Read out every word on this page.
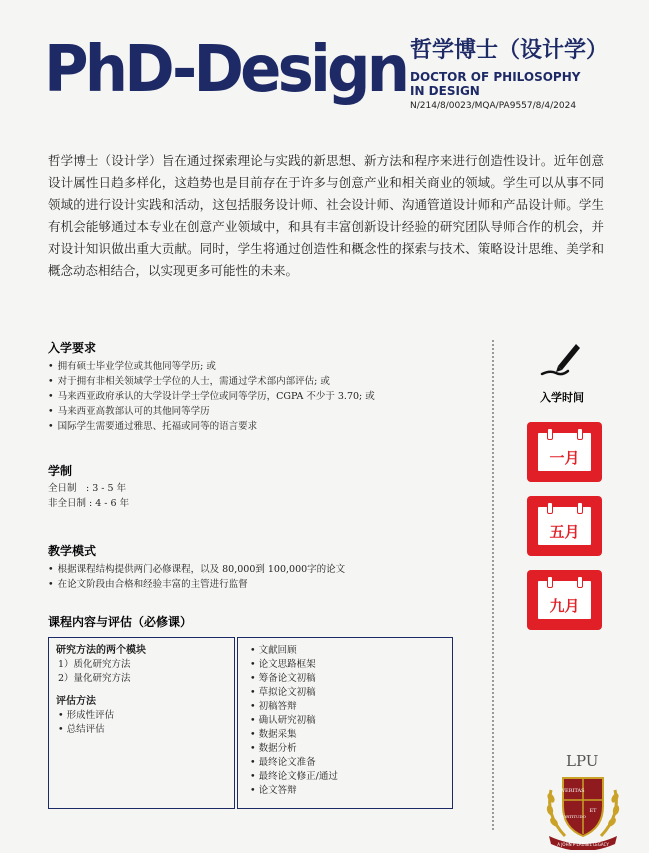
PhD-Design 哲学博士（设计学）
DOCTOR OF PHILOSOPHY
IN DESIGN
N/214/8/0023/MQA/PA9557/8/4/2024
哲学博士（设计学）旨在通过探索理论与实践的新思想、新方法和程序来进行创造性设计。近年创意设计属性日趋多样化，这趋势也是目前存在于许多与创意产业和相关商业的领域。学生可以从事不同领域的进行设计实践和活动，这包括服务设计师、社会设计师、沟通管道设计师和产品设计师。学生有机会能够通过本专业在创意产业领域中，和具有丰富创新设计经验的研究团队导师合作的机会，并对设计知识做出重大贡献。同时，学生将通过创造性和概念性的探索与技术、策略设计思维、美学和概念动态相结合，以实现更多可能性的未来。
入学要求
• 拥有硕士毕业学位或其他同等学历; 或
• 对于拥有非相关领域学士学位的人士，需通过学术部内部评估; 或
• 马来西亚政府承认的大学设计学士学位或同等学历，CGPA 不少于 3.70; 或
• 马来西亚高教部认可的其他同等学历
• 国际学生需要通过雅思、托福或同等的语言要求
学制
全日制　: 3 - 5 年
非全日制 : 4 - 6 年
教学模式
• 根据课程结构提供两门必修课程，以及 80,000到 100,000字的论文
• 在论文阶段由合格和经验丰富的主管进行监督
课程内容与评估（必修课）
研究方法的两个模块
1）质化研究方法
2）量化研究方法
评估方法
• 形成性评估
• 总结评估
• 文献回顾
• 论文思路框架
• 筹备论文初稿
• 草拟论文初稿
• 初稿答辩
• 确认研究初稿
• 数据采集
• 数据分析
• 最终论文准备
• 最终论文修正/通过
• 论文答辩
入学时间
一月
五月
九月
LPU
VERITAS
ET
FORTITUDO
A JOHN P LAUSEL LEGACY
